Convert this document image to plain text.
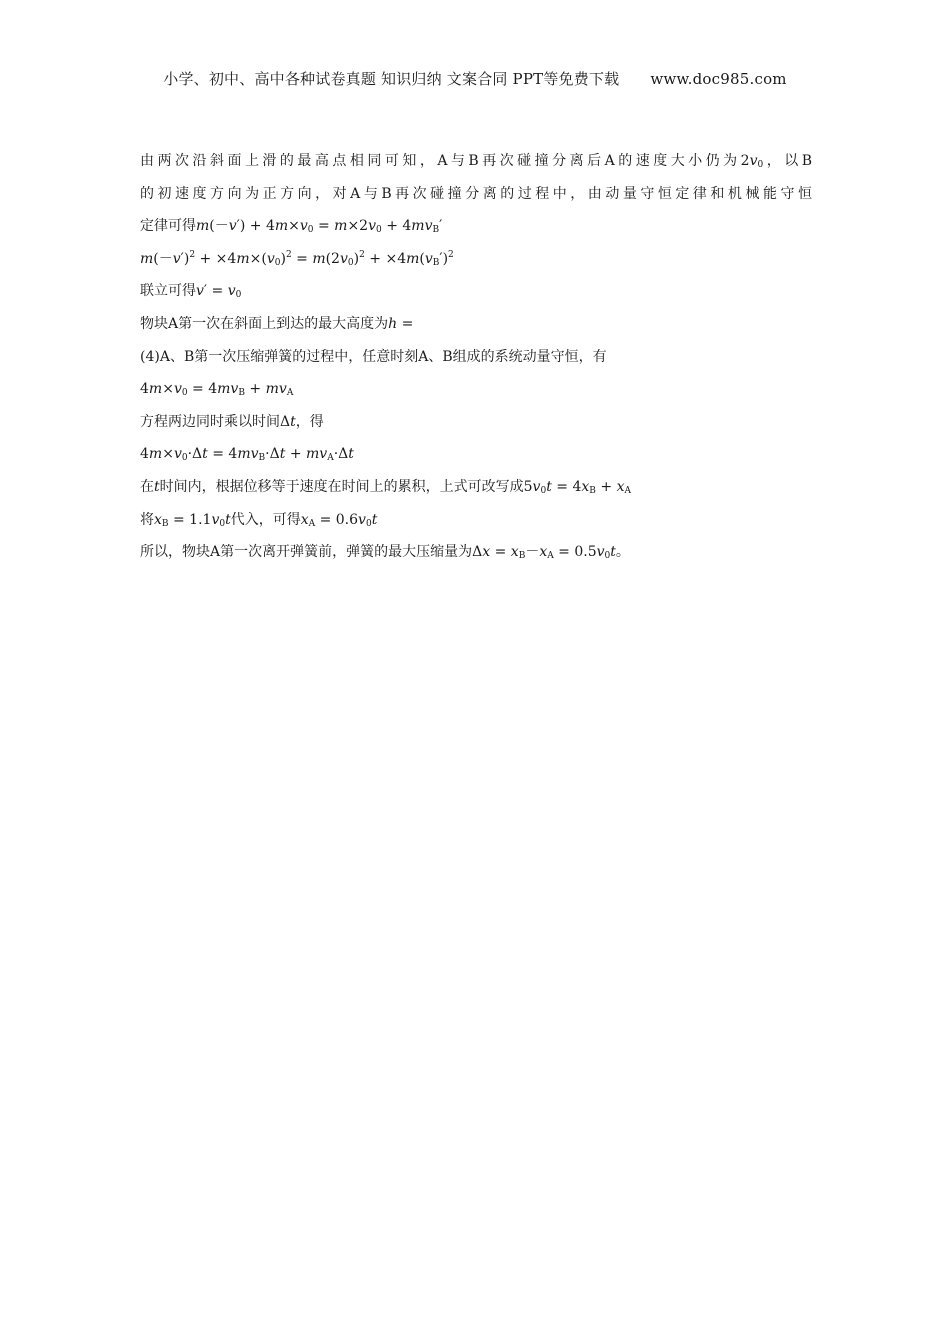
小学、初中、高中各种试卷真题 知识归纳 文案合同 PPT等免费下载 www.doc985.com
由两次沿斜面上滑的最高点相同可知，A与B再次碰撞分离后A的速度大小仍为$2v_0$，以B
的初速度方向为正方向，对A与B再次碰撞分离的过程中，由动量守恒定律和机械能守恒
定律可得$m(-v') + 4m\times v_0 = m\times 2v_0 + 4mv_B'$
$m(-v')^2 + \times 4m\times(v_0)^2 = m(2v_0)^2 + \times 4m(v_B')^2$
联立可得$v' = v_0$
物块A第一次在斜面上到达的最大高度为h =
(4)A、B第一次压缩弹簧的过程中，任意时刻A、B组成的系统动量守恒，有
$4m\times v_0 = 4mv_B + mv_A$
方程两边同时乘以时间Δt，得
$4m\times v_0\cdot\Delta t = 4mv_B\cdot\Delta t + mv_A\cdot\Delta t$
在t时间内，根据位移等于速度在时间上的累积，上式可改写成$5v_0t = 4x_B + x_A$
将$x_B = 1.1v_0t$代入，可得$x_A = 0.6v_0t$
所以，物块A第一次离开弹簧前，弹簧的最大压缩量为$\Delta x = x_B-x_A = 0.5v_0t$。
